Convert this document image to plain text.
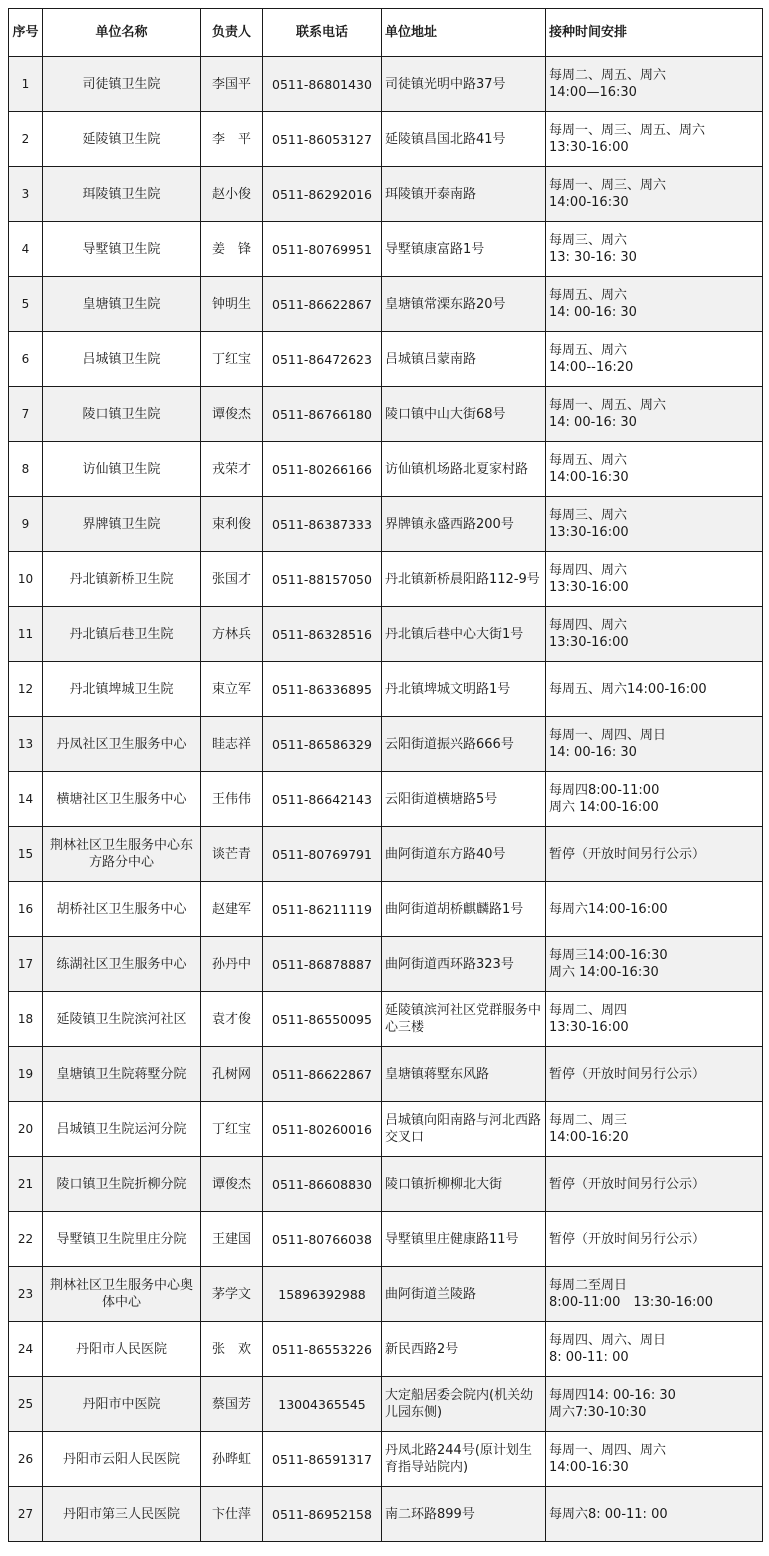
序号	单位名称	负责人	联系电话	单位地址	接种时间安排
1	司徒镇卫生院	李国平	0511-86801430	司徒镇光明中路37号	每周二、周五、周六
14:00—16:30
2	延陵镇卫生院	李　平	0511-86053127	延陵镇昌国北路41号	每周一、周三、周五、周六
13:30-16:00
3	珥陵镇卫生院	赵小俊	0511-86292016	珥陵镇开泰南路	每周一、周三、周六
14:00-16:30
4	导墅镇卫生院	姜　锋	0511-80769951	导墅镇康富路1号	每周三、周六
13: 30-16: 30
5	皇塘镇卫生院	钟明生	0511-86622867	皇塘镇常溧东路20号	每周五、周六
14: 00-16: 30
6	吕城镇卫生院	丁红宝	0511-86472623	吕城镇吕蒙南路	每周五、周六
14:00--16:20
7	陵口镇卫生院	谭俊杰	0511-86766180	陵口镇中山大街68号	每周一、周五、周六
14: 00-16: 30
8	访仙镇卫生院	戎荣才	0511-80266166	访仙镇机场路北夏家村路	每周五、周六
14:00-16:30
9	界牌镇卫生院	束利俊	0511-86387333	界牌镇永盛西路200号	每周三、周六
13:30-16:00
10	丹北镇新桥卫生院	张国才	0511-88157050	丹北镇新桥晨阳路112-9号	每周四、周六
13:30-16:00
11	丹北镇后巷卫生院	方林兵	0511-86328516	丹北镇后巷中心大街1号	每周四、周六
13:30-16:00
12	丹北镇埤城卫生院	束立军	0511-86336895	丹北镇埤城文明路1号	每周五、周六14:00-16:00
13	丹凤社区卫生服务中心	眭志祥	0511-86586329	云阳街道振兴路666号	每周一、周四、周日
14: 00-16: 30
14	横塘社区卫生服务中心	王伟伟	0511-86642143	云阳街道横塘路5号	每周四8:00-11:00
周六 14:00-16:00
15	荆林社区卫生服务中心东方路分中心	谈芒青	0511-80769791	曲阿街道东方路40号	暂停（开放时间另行公示）
16	胡桥社区卫生服务中心	赵建军	0511-86211119	曲阿街道胡桥麒麟路1号	每周六14:00-16:00
17	练湖社区卫生服务中心	孙丹中	0511-86878887	曲阿街道西环路323号	每周三14:00-16:30
周六 14:00-16:30
18	延陵镇卫生院滨河社区	袁才俊	0511-86550095	延陵镇滨河社区党群服务中心三楼	每周二、周四
13:30-16:00
19	皇塘镇卫生院蒋墅分院	孔树网	0511-86622867	皇塘镇蒋墅东风路	暂停（开放时间另行公示）
20	吕城镇卫生院运河分院	丁红宝	0511-80260016	吕城镇向阳南路与河北西路交叉口	每周二、周三
14:00-16:20
21	陵口镇卫生院折柳分院	谭俊杰	0511-86608830	陵口镇折柳柳北大街	暂停（开放时间另行公示）
22	导墅镇卫生院里庄分院	王建国	0511-80766038	导墅镇里庄健康路11号	暂停（开放时间另行公示）
23	荆林社区卫生服务中心奥体中心	茅学文	15896392988	曲阿街道兰陵路	每周二至周日
8:00-11:00　13:30-16:00
24	丹阳市人民医院	张　欢	0511-86553226	新民西路2号	每周四、周六、周日
8: 00-11: 00
25	丹阳市中医院	蔡国芳	13004365545	大定船居委会院内(机关幼儿园东侧)	每周四14: 00-16: 30
周六7:30-10:30
26	丹阳市云阳人民医院	孙晔虹	0511-86591317	丹凤北路244号(原计划生育指导站院内)	每周一、周四、周六
14:00-16:30
27	丹阳市第三人民医院	卞仕萍	0511-86952158	南二环路899号	每周六8: 00-11: 00
